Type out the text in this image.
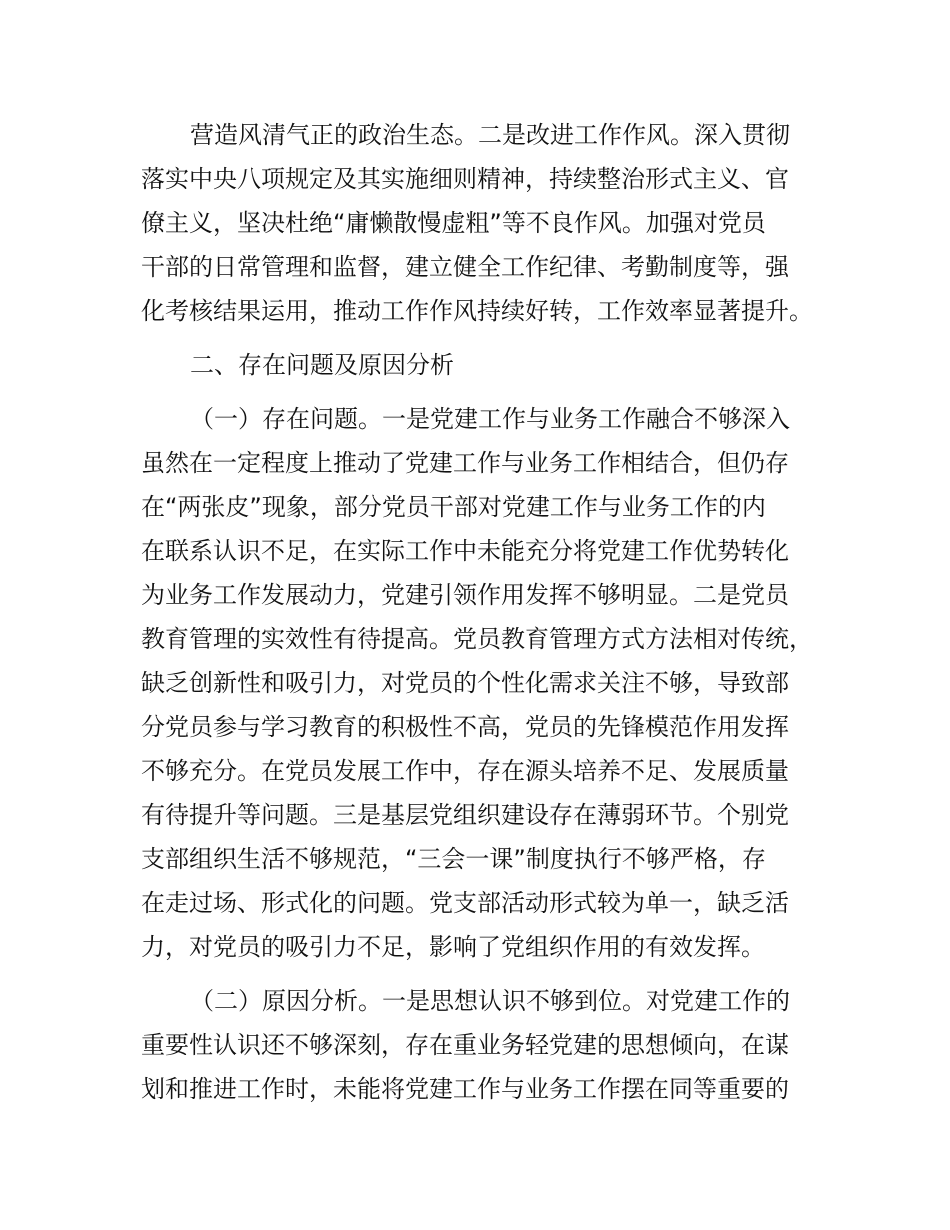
营造风清气正的政治生态。二是改进工作作风。深入贯彻
落实中央八项规定及其实施细则精神，持续整治形式主义、官
僚主义，坚决杜绝“庸懒散慢虚粗”等不良作风。加强对党员
干部的日常管理和监督，建立健全工作纪律、考勤制度等，强
化考核结果运用，推动工作作风持续好转，工作效率显著提升。
二、存在问题及原因分析
（一）存在问题。一是党建工作与业务工作融合不够深入
虽然在一定程度上推动了党建工作与业务工作相结合，但仍存
在“两张皮”现象，部分党员干部对党建工作与业务工作的内
在联系认识不足，在实际工作中未能充分将党建工作优势转化
为业务工作发展动力，党建引领作用发挥不够明显。二是党员
教育管理的实效性有待提高。党员教育管理方式方法相对传统，
缺乏创新性和吸引力，对党员的个性化需求关注不够，导致部
分党员参与学习教育的积极性不高，党员的先锋模范作用发挥
不够充分。在党员发展工作中，存在源头培养不足、发展质量
有待提升等问题。三是基层党组织建设存在薄弱环节。个别党
支部组织生活不够规范，“三会一课”制度执行不够严格，存
在走过场、形式化的问题。党支部活动形式较为单一，缺乏活
力，对党员的吸引力不足，影响了党组织作用的有效发挥。
（二）原因分析。一是思想认识不够到位。对党建工作的
重要性认识还不够深刻，存在重业务轻党建的思想倾向，在谋
划和推进工作时，未能将党建工作与业务工作摆在同等重要的
